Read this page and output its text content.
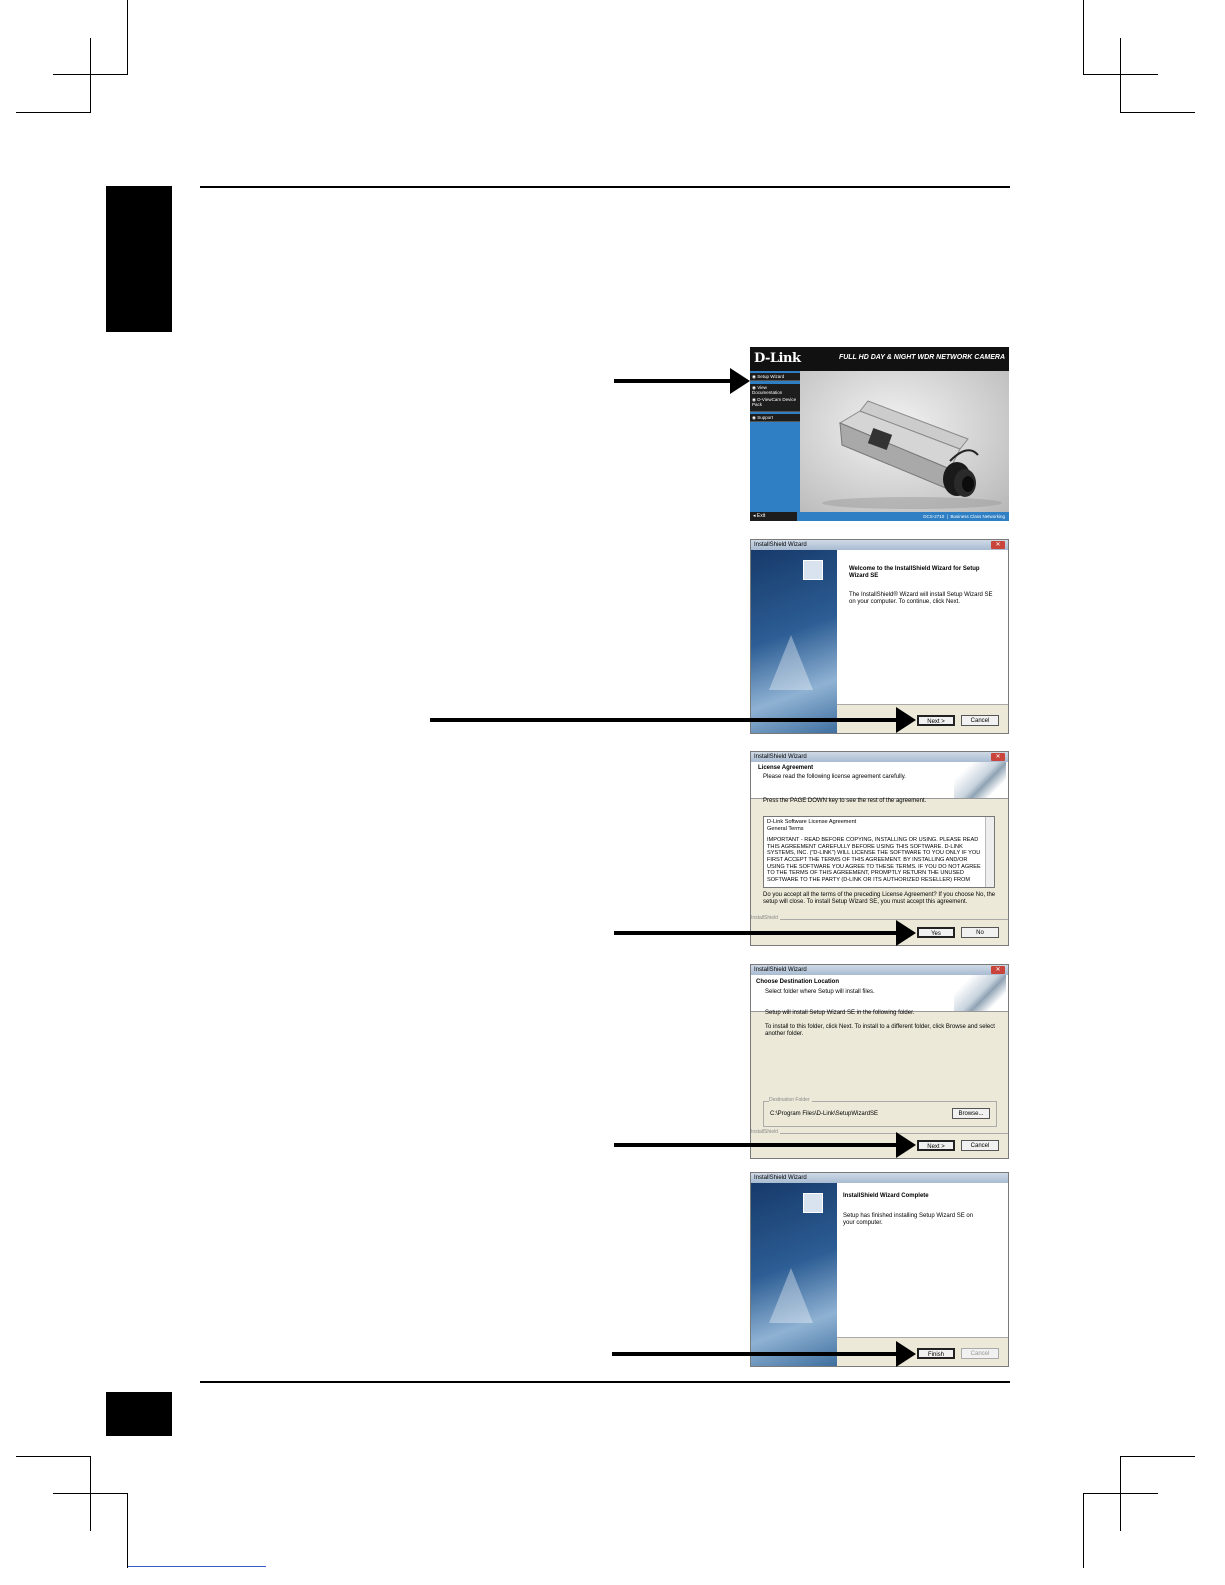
D-Link	FULL HD DAY & NIGHT WDR NETWORK CAMERA
◉ Setup Wizard
◉ View Documentation
◉ D-ViewCam Device Pack
◉ Support
DCS-2710  |  Business Class Networking
◂ Exit
InstallShield Wizard	✕
Welcome to the InstallShield Wizard for Setup Wizard SE
The InstallShield® Wizard will install Setup Wizard SE on your computer. To continue, click Next.
Next >	Cancel
InstallShield Wizard	✕
License Agreement
Please read the following license agreement carefully.
Press the PAGE DOWN key to see the rest of the agreement.
D-Link Software License Agreement
General Terms
IMPORTANT - READ BEFORE COPYING, INSTALLING OR USING. PLEASE READ THIS AGREEMENT CAREFULLY BEFORE USING THIS SOFTWARE. D-LINK SYSTEMS, INC. ("D-LINK") WILL LICENSE THE SOFTWARE TO YOU ONLY IF YOU FIRST ACCEPT THE TERMS OF THIS AGREEMENT. BY INSTALLING AND/OR USING THE SOFTWARE YOU AGREE TO THESE TERMS. IF YOU DO NOT AGREE TO THE TERMS OF THIS AGREEMENT, PROMPTLY RETURN THE UNUSED SOFTWARE TO THE PARTY (D-LINK OR ITS AUTHORIZED RESELLER) FROM
Do you accept all the terms of the preceding License Agreement? If you choose No, the setup will close. To install Setup Wizard SE, you must accept this agreement.
InstallShield
Yes	No
InstallShield Wizard	✕
Choose Destination Location
Select folder where Setup will install files.
Setup will install Setup Wizard SE in the following folder.
To install to this folder, click Next. To install to a different folder, click Browse and select another folder.
Destination Folder
C:\Program Files\D-Link\SetupWizardSE	Browse...
InstallShield
Next >	Cancel
InstallShield Wizard
InstallShield Wizard Complete
Setup has finished installing Setup Wizard SE on your computer.
Finish	Cancel
